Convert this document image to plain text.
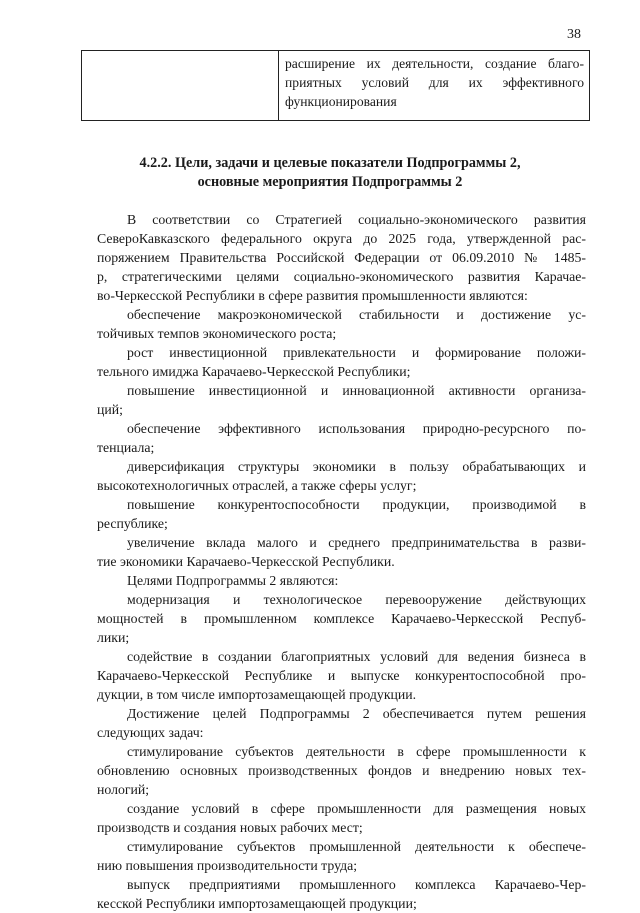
38

расширение их деятельности, создание благо-
приятных условий для их эффективного
функционирования
4.2.2. Цели, задачи и целевые показатели Подпрограммы 2,
основные мероприятия Подпрограммы 2
В соответствии со Стратегией социально-экономического развития
СевероКавказского федерального округа до 2025 года, утвержденной рас-
поряжением Правительства Российской Федерации от 06.09.2010 № 1485-
р, стратегическими целями социально-экономического развития Карачае-
во-Черкесской Республики в сфере развития промышленности являются:
обеспечение макроэкономической стабильности и достижение ус-
тойчивых темпов экономического роста;
рост инвестиционной привлекательности и формирование положи-
тельного имиджа Карачаево-Черкесской Республики;
повышение инвестиционной и инновационной активности организа-
ций;
обеспечение эффективного использования природно-ресурсного по-
тенциала;
диверсификация структуры экономики в пользу обрабатывающих и
высокотехнологичных отраслей, а также сферы услуг;
повышение конкурентоспособности продукции, производимой в
республике;
увеличение вклада малого и среднего предпринимательства в разви-
тие экономики Карачаево-Черкесской Республики.
Целями Подпрограммы 2 являются:
модернизация и технологическое перевооружение действующих
мощностей в промышленном комплексе Карачаево-Черкесской Респуб-
лики;
содействие в создании благоприятных условий для ведения бизнеса в
Карачаево-Черкесской Республике и выпуске конкурентоспособной про-
дукции, в том числе импортозамещающей продукции.
Достижение целей Подпрограммы 2 обеспечивается путем решения
следующих задач:
стимулирование субъектов деятельности в сфере промышленности к
обновлению основных производственных фондов и внедрению новых тех-
нологий;
создание условий в сфере промышленности для размещения новых
производств и создания новых рабочих мест;
стимулирование субъектов промышленной деятельности к обеспече-
нию повышения производительности труда;
выпуск предприятиями промышленного комплекса Карачаево-Чер-
кесской Республики импортозамещающей продукции;
